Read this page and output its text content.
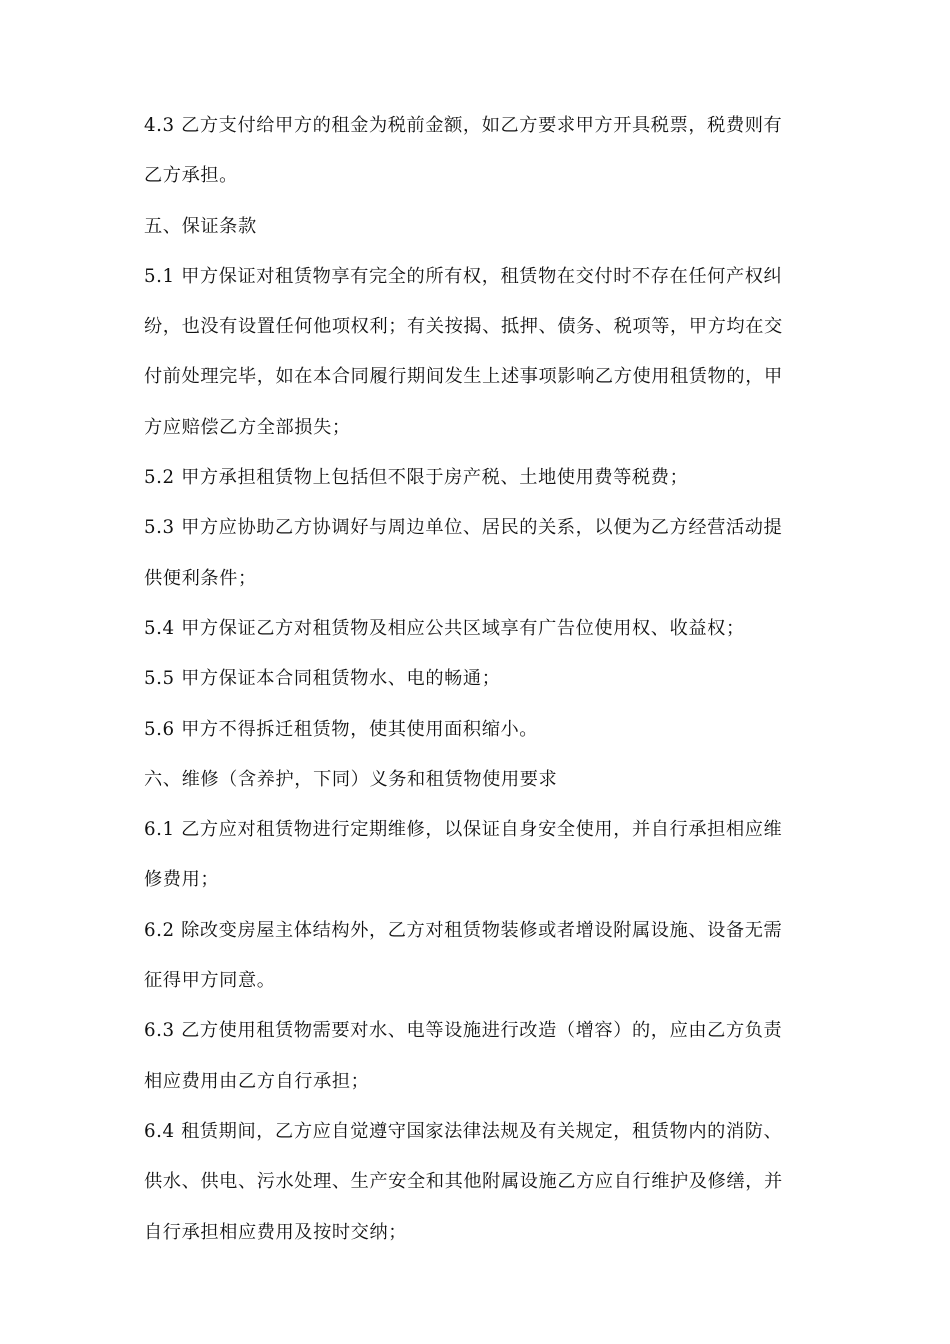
4.3 乙方支付给甲方的租金为税前金额，如乙方要求甲方开具税票，税费则有
乙方承担。
五、保证条款
5.1 甲方保证对租赁物享有完全的所有权，租赁物在交付时不存在任何产权纠
纷，也没有设置任何他项权利；有关按揭、抵押、债务、税项等，甲方均在交
付前处理完毕，如在本合同履行期间发生上述事项影响乙方使用租赁物的，甲
方应赔偿乙方全部损失；
5.2 甲方承担租赁物上包括但不限于房产税、土地使用费等税费；
5.3 甲方应协助乙方协调好与周边单位、居民的关系，以便为乙方经营活动提
供便利条件；
5.4 甲方保证乙方对租赁物及相应公共区域享有广告位使用权、收益权；
5.5 甲方保证本合同租赁物水、电的畅通；
5.6 甲方不得拆迁租赁物，使其使用面积缩小。
六、维修（含养护，下同）义务和租赁物使用要求
6.1 乙方应对租赁物进行定期维修，以保证自身安全使用，并自行承担相应维
修费用；
6.2 除改变房屋主体结构外，乙方对租赁物装修或者增设附属设施、设备无需
征得甲方同意。
6.3 乙方使用租赁物需要对水、电等设施进行改造（增容）的，应由乙方负责
相应费用由乙方自行承担；
6.4 租赁期间，乙方应自觉遵守国家法律法规及有关规定，租赁物内的消防、
供水、供电、污水处理、生产安全和其他附属设施乙方应自行维护及修缮，并
自行承担相应费用及按时交纳；
